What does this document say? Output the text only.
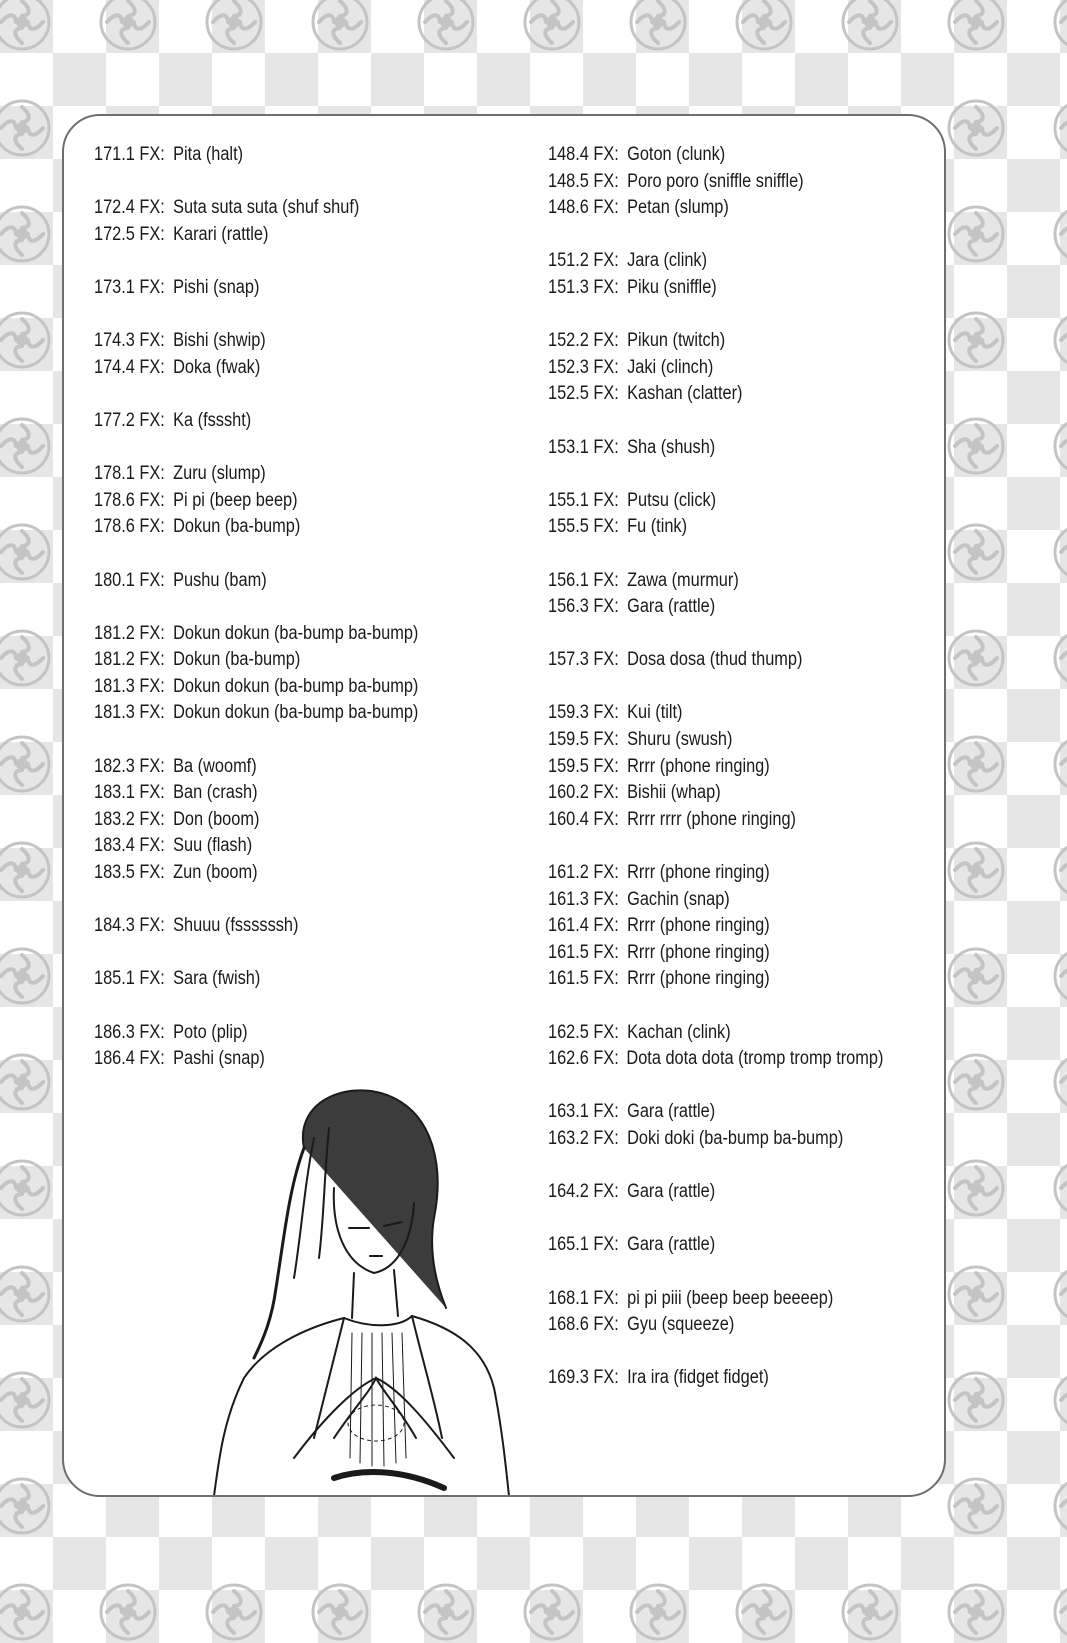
171.1 FX: Pita (halt)
172.4 FX: Suta suta suta (shuf shuf)
172.5 FX: Karari (rattle)
173.1 FX: Pishi (snap)
174.3 FX: Bishi (shwip)
174.4 FX: Doka (fwak)
177.2 FX: Ka (fsssht)
178.1 FX: Zuru (slump)
178.6 FX: Pi pi (beep beep)
178.6 FX: Dokun (ba-bump)
180.1 FX: Pushu (bam)
181.2 FX: Dokun dokun (ba-bump ba-bump)
181.2 FX: Dokun (ba-bump)
181.3 FX: Dokun dokun (ba-bump ba-bump)
181.3 FX: Dokun dokun (ba-bump ba-bump)
182.3 FX: Ba (woomf)
183.1 FX: Ban (crash)
183.2 FX: Don (boom)
183.4 FX: Suu (flash)
183.5 FX: Zun (boom)
184.3 FX: Shuuu (fssssssh)
185.1 FX: Sara (fwish)
186.3 FX: Poto (plip)
186.4 FX: Pashi (snap)
148.4 FX: Goton (clunk)
148.5 FX: Poro poro (sniffle sniffle)
148.6 FX: Petan (slump)
151.2 FX: Jara (clink)
151.3 FX: Piku (sniffle)
152.2 FX: Pikun (twitch)
152.3 FX: Jaki (clinch)
152.5 FX: Kashan (clatter)
153.1 FX: Sha (shush)
155.1 FX: Putsu (click)
155.5 FX: Fu (tink)
156.1 FX: Zawa (murmur)
156.3 FX: Gara (rattle)
157.3 FX: Dosa dosa (thud thump)
159.3 FX: Kui (tilt)
159.5 FX: Shuru (swush)
159.5 FX: Rrrr (phone ringing)
160.2 FX: Bishii (whap)
160.4 FX: Rrrr rrrr (phone ringing)
161.2 FX: Rrrr (phone ringing)
161.3 FX: Gachin (snap)
161.4 FX: Rrrr (phone ringing)
161.5 FX: Rrrr (phone ringing)
161.5 FX: Rrrr (phone ringing)
162.5 FX: Kachan (clink)
162.6 FX: Dota dota dota (tromp tromp tromp)
163.1 FX: Gara (rattle)
163.2 FX: Doki doki (ba-bump ba-bump)
164.2 FX: Gara (rattle)
165.1 FX: Gara (rattle)
168.1 FX: pi pi piii (beep beep beeeep)
168.6 FX: Gyu (squeeze)
169.3 FX: Ira ira (fidget fidget)
